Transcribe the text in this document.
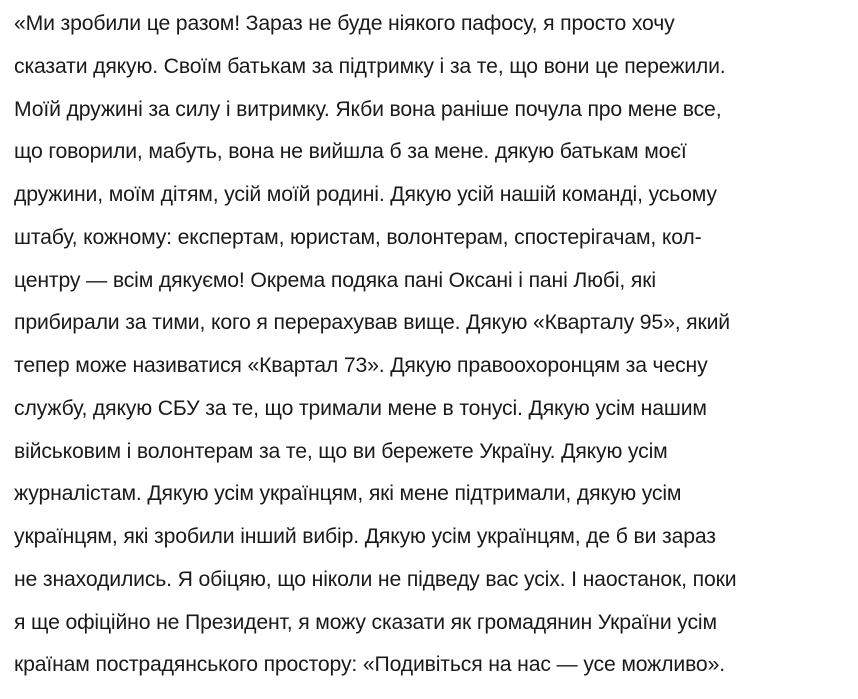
«Ми зробили це разом! Зараз не буде ніякого пафосу, я просто хочу
сказати дякую. Своїм батькам за підтримку і за те, що вони це пережили.
Моїй дружині за силу і витримку. Якби вона раніше почула про мене все,
що говорили, мабуть, вона не вийшла б за мене. дякую батькам моєї
дружини, моїм дітям, усій моїй родині. Дякую усій нашій команді, усьому
штабу, кожному: експертам, юристам, волонтерам, спостерігачам, кол-
центру — всім дякуємо! Окрема подяка пані Оксані і пані Любі, які
прибирали за тими, кого я перерахував вище. Дякую «Кварталу 95», який
тепер може називатися «Квартал 73». Дякую правоохоронцям за чесну
службу, дякую СБУ за те, що тримали мене в тонусі. Дякую усім нашим
військовим і волонтерам за те, що ви бережете Україну. Дякую усім
журналістам. Дякую усім українцям, які мене підтримали, дякую усім
українцям, які зробили інший вибір. Дякую усім українцям, де б ви зараз
не знаходились. Я обіцяю, що ніколи не підведу вас усіх. І наостанок, поки
я ще офіційно не Президент, я можу сказати як громадянин України усім
країнам пострадянського простору: «Подивіться на нас — усе можливо».
